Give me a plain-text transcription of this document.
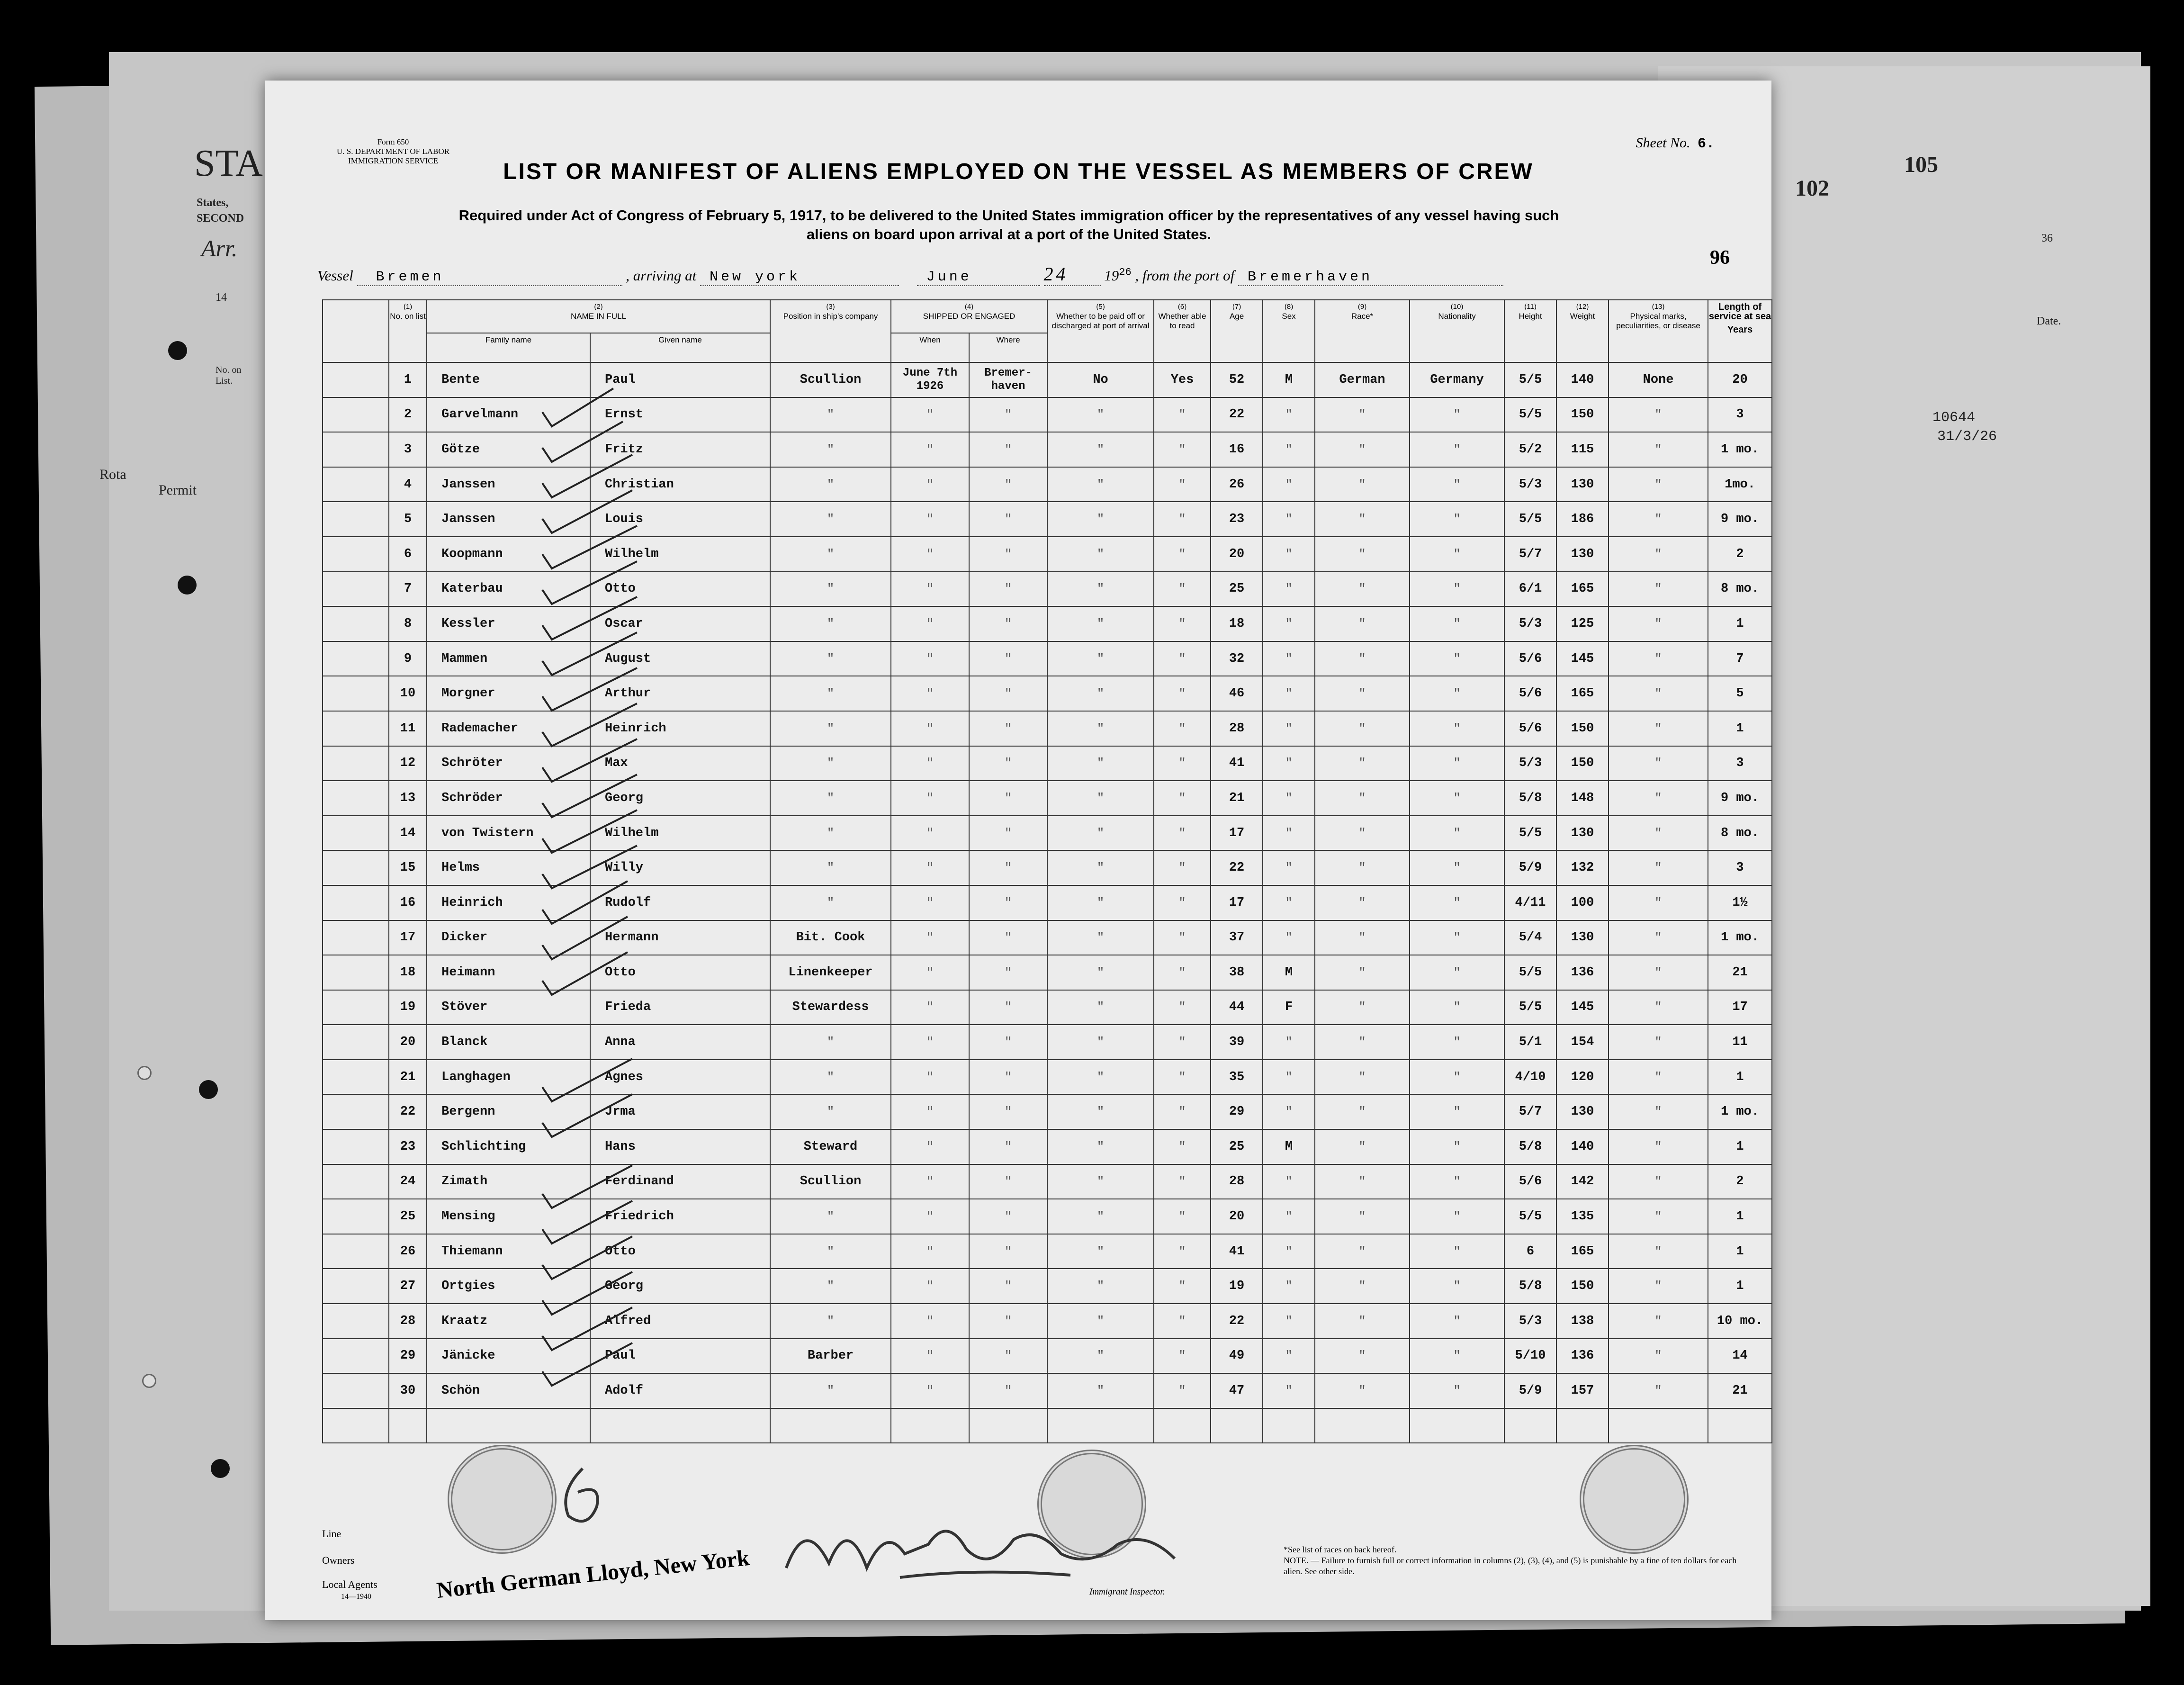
STA
States,
SECOND
Arr.
14
No. on List.
Rota
Permit
102
105
36
Date.
10644
31/3/26
Form 650
U. S. DEPARTMENT OF LABOR
IMMIGRATION SERVICE
Sheet No. 6.
LIST OR MANIFEST OF ALIENS EMPLOYED ON THE VESSEL AS MEMBERS OF CREW
Required under Act of Congress of February 5, 1917, to be delivered to the United States immigration officer by the representatives of any vessel having such
aliens on board upon arrival at a port of the United States.
Vessel Bremen	, arriving at New york	June	24 $19^{26}$ , from the port of Bremerhaven
96

	(1)
No. on list	(2)
NAME IN FULL		(3)
Position in ship's company	(4)
SHIPPED OR ENGAGED		(5)
Whether to be paid off or discharged at port of arrival	(6)
Whether able to read	(7)
Age	(8)
Sex	(9)
Race*	(10)
Nationality	(11)
Height	(12)
Weight	(13)
Physical marks, peculiarities, or disease	Length of service at sea
Years

		Family name	Given name		When	Where										
	1	Bente	Paul	Scullion	June 7th 1926	Bremer-haven	No	Yes	52	M	German	Germany	5/5	140	None	20
	2	Garvelmann	Ernst	"	"	"	"	"	22	"	"	"	5/5	150	"	3
	3	Götze	Fritz	"	"	"	"	"	16	"	"	"	5/2	115	"	1 mo.
	4	Janssen	Christian	"	"	"	"	"	26	"	"	"	5/3	130	"	1mo.
	5	Janssen	Louis	"	"	"	"	"	23	"	"	"	5/5	186	"	9 mo.
	6	Koopmann	Wilhelm	"	"	"	"	"	20	"	"	"	5/7	130	"	2
	7	Katerbau	Otto	"	"	"	"	"	25	"	"	"	6/1	165	"	8 mo.
	8	Kessler	Oscar	"	"	"	"	"	18	"	"	"	5/3	125	"	1
	9	Mammen	August	"	"	"	"	"	32	"	"	"	5/6	145	"	7
	10	Morgner	Arthur	"	"	"	"	"	46	"	"	"	5/6	165	"	5
	11	Rademacher	Heinrich	"	"	"	"	"	28	"	"	"	5/6	150	"	1
	12	Schröter	Max	"	"	"	"	"	41	"	"	"	5/3	150	"	3
	13	Schröder	Georg	"	"	"	"	"	21	"	"	"	5/8	148	"	9 mo.
	14	von Twistern	Wilhelm	"	"	"	"	"	17	"	"	"	5/5	130	"	8 mo.
	15	Helms	Willy	"	"	"	"	"	22	"	"	"	5/9	132	"	3
	16	Heinrich	Rudolf	"	"	"	"	"	17	"	"	"	4/11	100	"	1½
	17	Dicker	Hermann	Bit. Cook	"	"	"	"	37	"	"	"	5/4	130	"	1 mo.
	18	Heimann	Otto	Linenkeeper	"	"	"	"	38	M	"	"	5/5	136	"	21
	19	Stöver	Frieda	Stewardess	"	"	"	"	44	F	"	"	5/5	145	"	17
	20	Blanck	Anna	"	"	"	"	"	39	"	"	"	5/1	154	"	11
	21	Langhagen	Agnes	"	"	"	"	"	35	"	"	"	4/10	120	"	1
	22	Bergenn	Jrma	"	"	"	"	"	29	"	"	"	5/7	130	"	1 mo.
	23	Schlichting	Hans	Steward	"	"	"	"	25	M	"	"	5/8	140	"	1
	24	Zimath	Ferdinand	Scullion	"	"	"	"	28	"	"	"	5/6	142	"	2
	25	Mensing	Friedrich	"	"	"	"	"	20	"	"	"	5/5	135	"	1
	26	Thiemann	Otto	"	"	"	"	"	41	"	"	"	6	165	"	1
	27	Ortgies	Georg	"	"	"	"	"	19	"	"	"	5/8	150	"	1
	28	Kraatz	Alfred	"	"	"	"	"	22	"	"	"	5/3	138	"	10 mo.
	29	Jänicke	Paul	Barber	"	"	"	"	49	"	"	"	5/10	136	"	14
	30	Schön	Adolf	"	"	"	"	"	47	"	"	"	5/9	157	"	21

Line
Owners
Local Agents
14—1940	North German Lloyd, New York	Immigrant Inspector.
*See list of races on back hereof.
NOTE. — Failure to furnish full or correct information in columns (2), (3), (4), and (5) is punishable by a fine of ten dollars for each alien. See other side.
